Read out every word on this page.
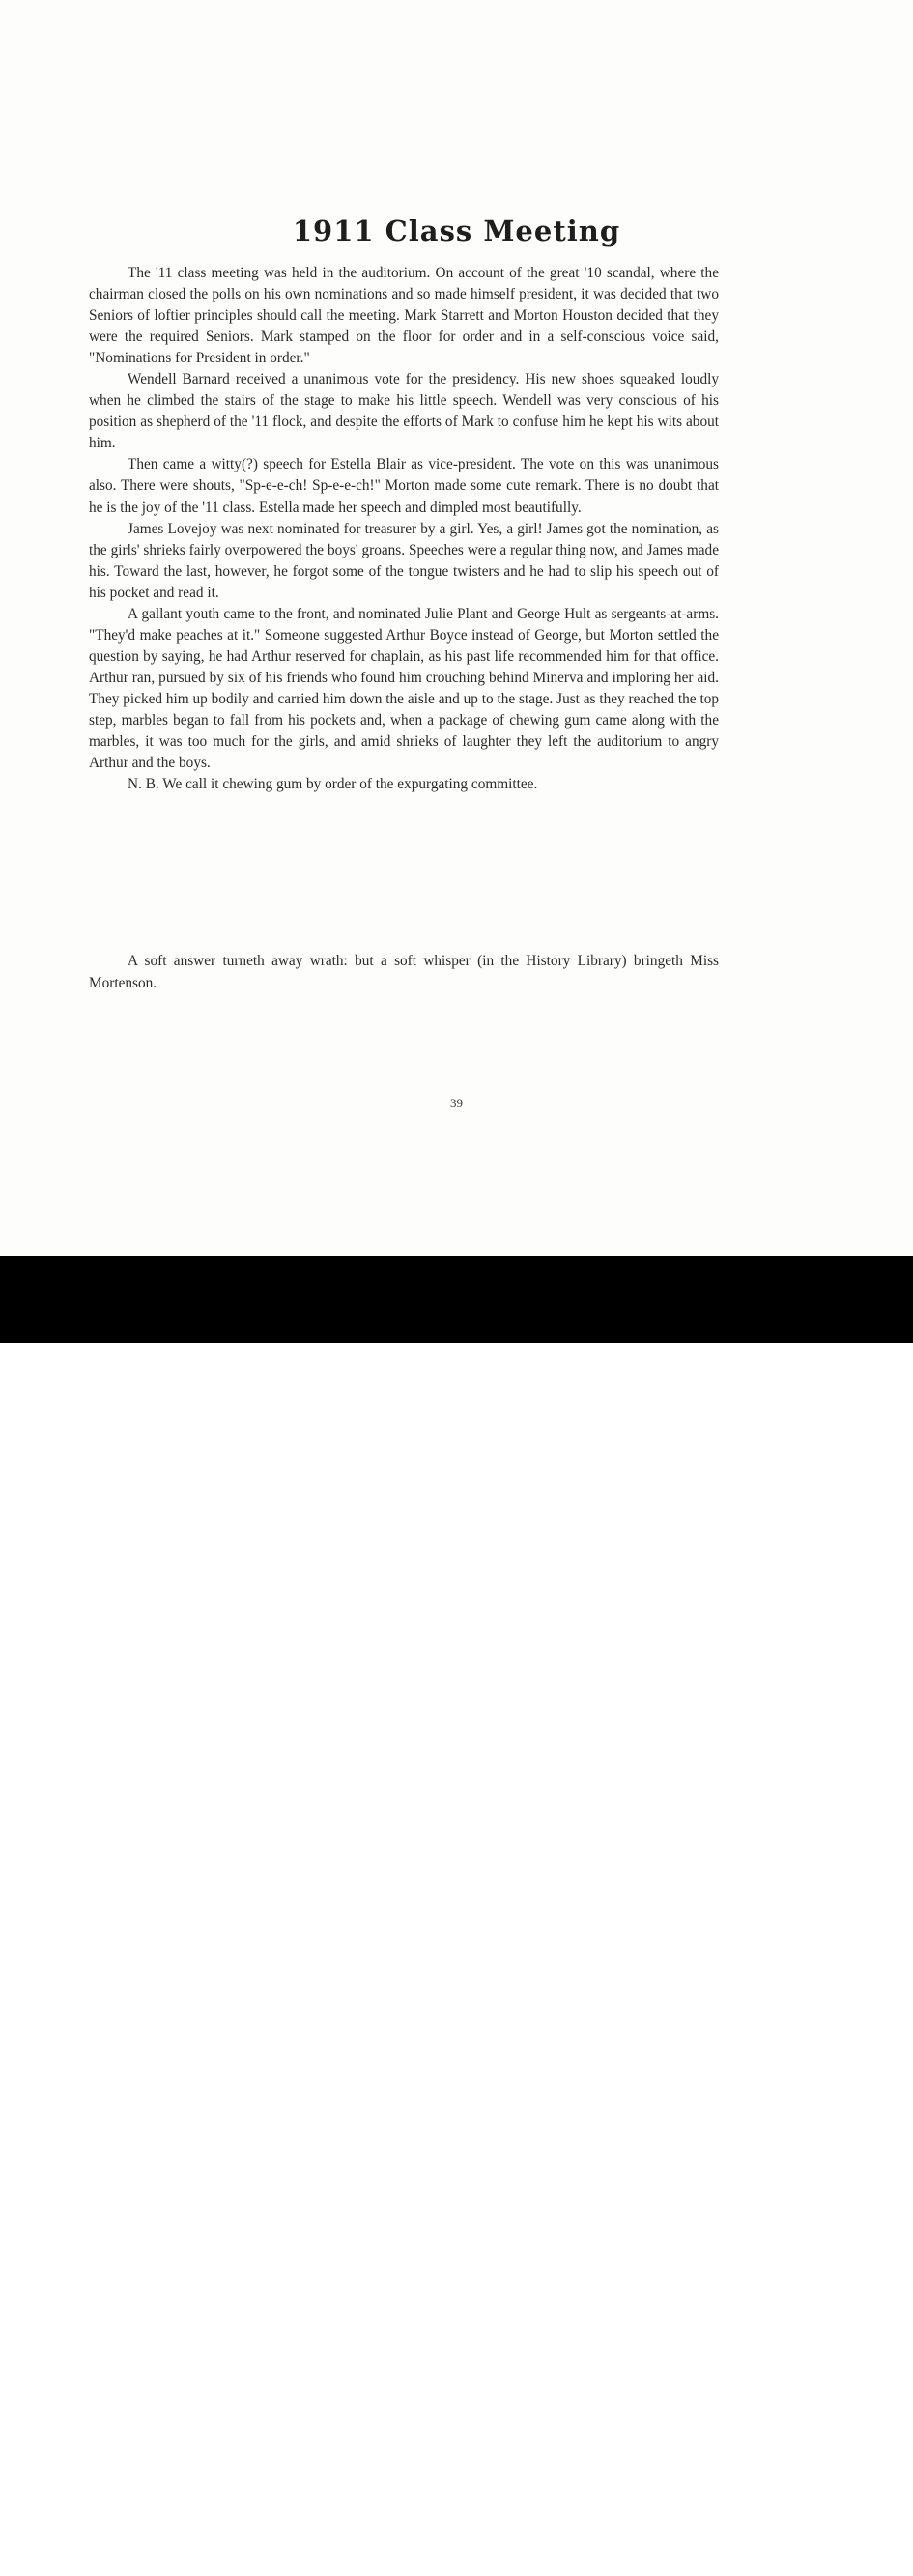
1911 Class Meeting

The '11 class meeting was held in the auditorium. On account of the great '10 scandal, where the chairman closed the polls on his own nominations and so made himself president, it was decided that two Seniors of loftier principles should call the meeting. Mark Starrett and Morton Houston decided that they were the required Seniors. Mark stamped on the floor for order and in a self-conscious voice said, "Nominations for President in order."

Wendell Barnard received a unanimous vote for the presidency. His new shoes squeaked loudly when he climbed the stairs of the stage to make his little speech. Wendell was very conscious of his position as shepherd of the '11 flock, and despite the efforts of Mark to confuse him he kept his wits about him.

Then came a witty(?) speech for Estella Blair as vice-president. The vote on this was unanimous also. There were shouts, "Sp-e-e-ch! Sp-e-e-ch!" Morton made some cute remark. There is no doubt that he is the joy of the '11 class. Estella made her speech and dimpled most beautifully.

James Lovejoy was next nominated for treasurer by a girl. Yes, a girl! James got the nomination, as the girls' shrieks fairly overpowered the boys' groans. Speeches were a regular thing now, and James made his. Toward the last, however, he forgot some of the tongue twisters and he had to slip his speech out of his pocket and read it.

A gallant youth came to the front, and nominated Julie Plant and George Hult as sergeants-at-arms. "They'd make peaches at it." Someone suggested Arthur Boyce instead of George, but Morton settled the question by saying, he had Arthur reserved for chaplain, as his past life recommended him for that office. Arthur ran, pursued by six of his friends who found him crouching behind Minerva and imploring her aid. They picked him up bodily and carried him down the aisle and up to the stage. Just as they reached the top step, marbles began to fall from his pockets and, when a package of chewing gum came along with the marbles, it was too much for the girls, and amid shrieks of laughter they left the auditorium to angry Arthur and the boys.

N. B. We call it chewing gum by order of the expurgating committee.

A soft answer turneth away wrath: but a soft whisper (in the History Library) bringeth Miss Mortenson.

39
alamy	Image ID: 3AA901B
www.alamy.com
